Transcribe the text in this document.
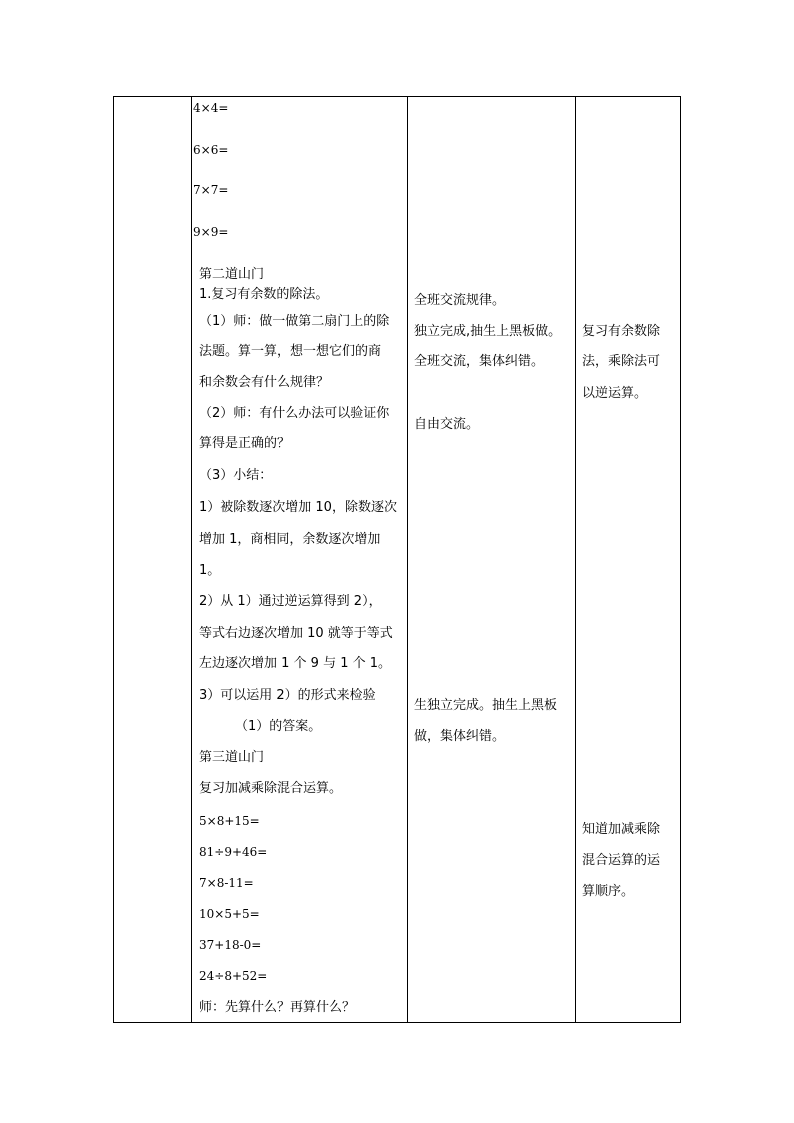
4×4=
6×6=
7×7=
9×9=
第二道山门
1.复习有余数的除法。
（1）师：做一做第二扇门上的除
法题。算一算，想一想它们的商
和余数会有什么规律？
（2）师：有什么办法可以验证你
算得是正确的？
（3）小结：
1）被除数逐次增加 10，除数逐次
增加 1，商相同，余数逐次增加
1。
2）从 1）通过逆运算得到 2），
等式右边逐次增加 10 就等于等式
左边逐次增加 1 个 9 与 1 个 1。
3）可以运用 2）的形式来检验
（1）的答案。
第三道山门
复习加减乘除混合运算。
5×8+15=
81÷9+46=
7×8-11=
10×5+5=
37+18-0=
24÷8+52=
师：先算什么？再算什么？
全班交流规律。
独立完成,抽生上黑板做。
全班交流，集体纠错。
自由交流。
生独立完成。抽生上黑板
做，集体纠错。
复习有余数除
法，乘除法可
以逆运算。
知道加减乘除
混合运算的运
算顺序。
